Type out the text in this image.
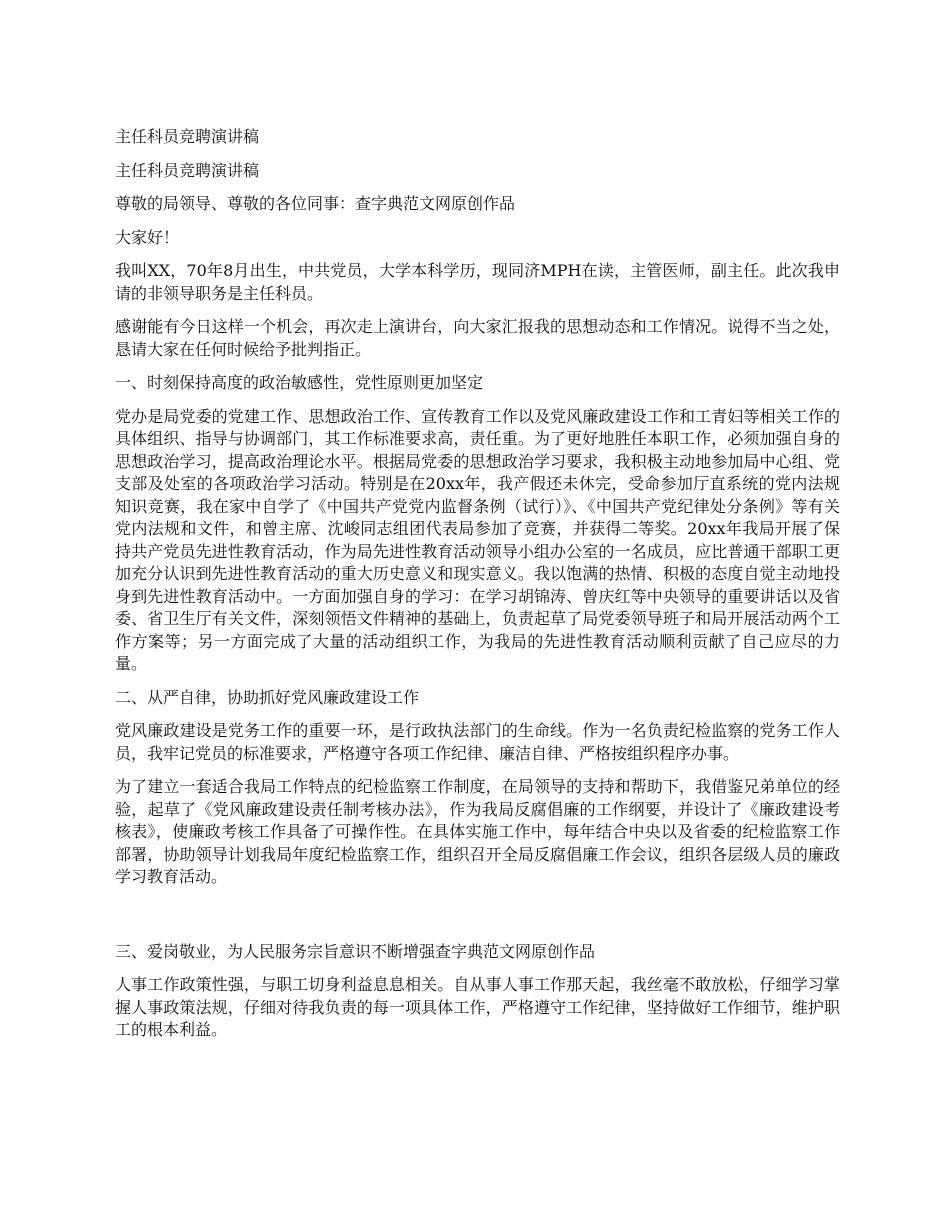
主任科员竞聘演讲稿

主任科员竞聘演讲稿

尊敬的局领导、尊敬的各位同事：查字典范文网原创作品

大家好！

我叫XX，70年8月出生，中共党员，大学本科学历，现同济MPH在读，主管医师，副主任。此次我申请的非领导职务是主任科员。

感谢能有今日这样一个机会，再次走上演讲台，向大家汇报我的思想动态和工作情况。说得不当之处，恳请大家在任何时候给予批判指正。

一、时刻保持高度的政治敏感性，党性原则更加坚定

党办是局党委的党建工作、思想政治工作、宣传教育工作以及党风廉政建设工作和工青妇等相关工作的具体组织、指导与协调部门，其工作标准要求高，责任重。为了更好地胜任本职工作，必须加强自身的思想政治学习，提高政治理论水平。根据局党委的思想政治学习要求，我积极主动地参加局中心组、党支部及处室的各项政治学习活动。特别是在20xx年，我产假还未休完，受命参加厅直系统的党内法规知识竞赛，我在家中自学了《中国共产党党内监督条例（试行）》、《中国共产党纪律处分条例》等有关党内法规和文件，和曾主席、沈峻同志组团代表局参加了竞赛，并获得二等奖。20xx年我局开展了保持共产党员先进性教育活动，作为局先进性教育活动领导小组办公室的一名成员，应比普通干部职工更加充分认识到先进性教育活动的重大历史意义和现实意义。我以饱满的热情、积极的态度自觉主动地投身到先进性教育活动中。一方面加强自身的学习：在学习胡锦涛、曾庆红等中央领导的重要讲话以及省委、省卫生厅有关文件，深刻领悟文件精神的基础上，负责起草了局党委领导班子和局开展活动两个工作方案等；另一方面完成了大量的活动组织工作，为我局的先进性教育活动顺利贡献了自己应尽的力量。

二、从严自律，协助抓好党风廉政建设工作

党风廉政建设是党务工作的重要一环，是行政执法部门的生命线。作为一名负责纪检监察的党务工作人员，我牢记党员的标准要求，严格遵守各项工作纪律、廉洁自律、严格按组织程序办事。

为了建立一套适合我局工作特点的纪检监察工作制度，在局领导的支持和帮助下，我借鉴兄弟单位的经验，起草了《党风廉政建设责任制考核办法》，作为我局反腐倡廉的工作纲要，并设计了《廉政建设考核表》，使廉政考核工作具备了可操作性。在具体实施工作中，每年结合中央以及省委的纪检监察工作部署，协助领导计划我局年度纪检监察工作，组织召开全局反腐倡廉工作会议，组织各层级人员的廉政学习教育活动。

三、爱岗敬业，为人民服务宗旨意识不断增强查字典范文网原创作品

人事工作政策性强，与职工切身利益息息相关。自从事人事工作那天起，我丝毫不敢放松，仔细学习掌握人事政策法规，仔细对待我负责的每一项具体工作，严格遵守工作纪律，坚持做好工作细节，维护职工的根本利益。
